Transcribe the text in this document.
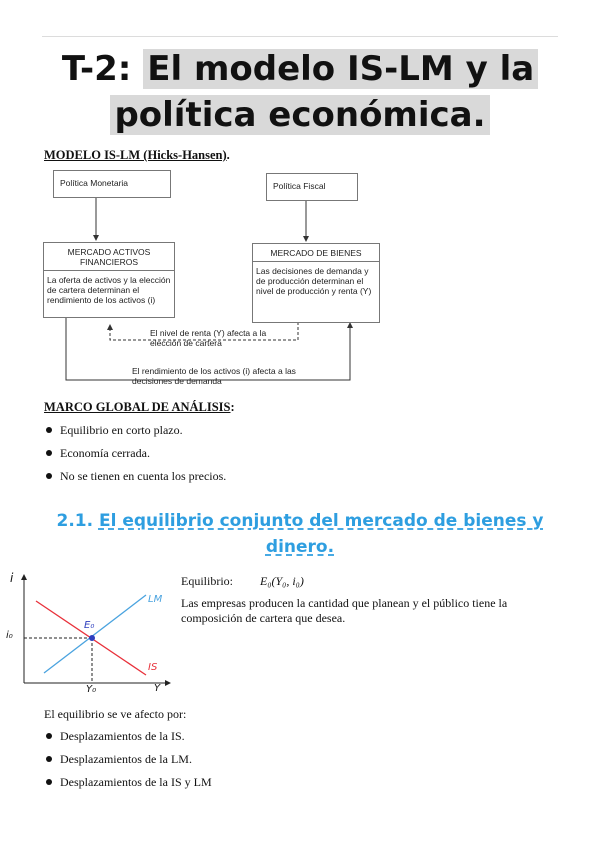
T-2: El modelo IS-LM y la
política económica.
MODELO IS-LM (Hicks-Hansen).
Política Monetaria	Política Fiscal
MERCADO ACTIVOS FINANCIEROS
La oferta de activos y la elección de cartera determinan el rendimiento de los activos (i)
MERCADO DE BIENES
Las decisiones de demanda y de producción determinan el nivel de producción y renta (Y)
El nivel de renta (Y) afecta a la elección de cartera
El rendimiento de los activos (i) afecta a las decisiones de demanda
MARCO GLOBAL DE ANÁLISIS:
Equilibrio en corto plazo.
Economía cerrada.
No se tienen en cuenta los precios.
2.1. El equilibrio conjunto del mercado de bienes y
dinero.
i
Y
LM
IS
E₀
i₀
Y₀
Equilibrio: E₀(Y₀, i₀)
Las empresas producen la cantidad que planean y el público tiene la composición de cartera que desea.
El equilibrio se ve afecto por:
Desplazamientos de la IS.
Desplazamientos de la LM.
Desplazamientos de la IS y LM
